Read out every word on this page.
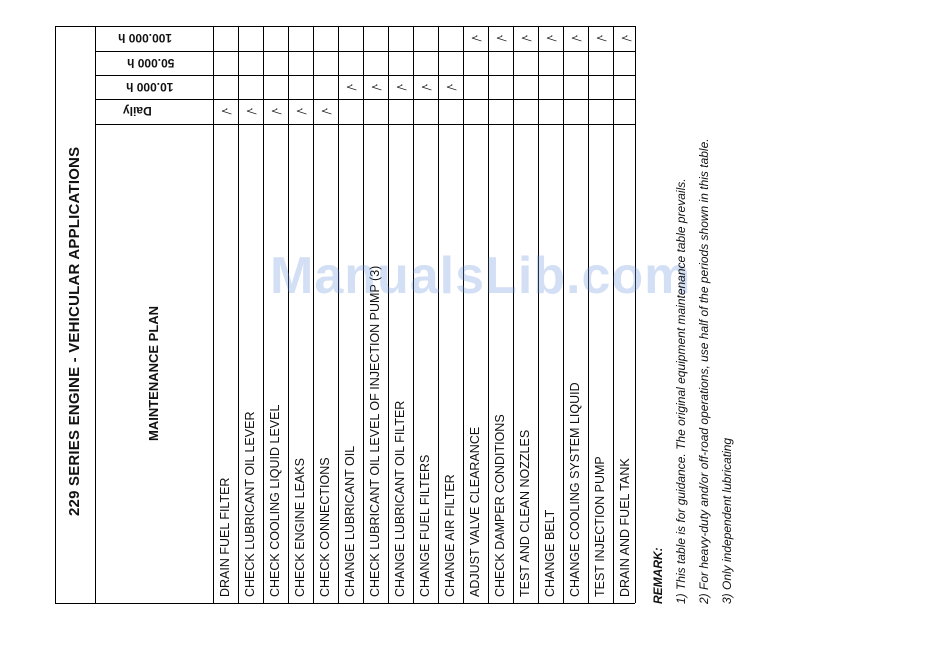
229 SERIES ENGINE - VEHICULAR APPLICATIONS	MAINTENANCE PLAN
Daily
10.000 h
50.000 h
100.000 h
DRAIN FUEL FILTER
√
CHECK LUBRICANT OIL LEVER
√
CHECK COOLING LIQUID LEVEL
√
CHECK ENGINE LEAKS
√
CHECK CONNECTIONS
√
CHANGE LUBRICANT OIL
√
CHECK LUBRICANT OIL LEVEL OF INJECTION PUMP (3)
√
CHANGE LUBRICANT OIL FILTER
√
CHANGE FUEL FILTERS
√
CHANGE AIR FILTER
√
ADJUST VALVE CLEARANCE
√
CHECK DAMPER CONDITIONS
√
TEST AND CLEAN NOZZLES
√
CHANGE BELT
√
CHANGE COOLING SYSTEM LIQUID
√
TEST INJECTION PUMP
√
DRAIN AND FUEL TANK
√
ManualsLib.com
REMARK: 1) This table is for guidance. The original equipment maintenance table prevails. 2) For heavy-duty and/or off-road operations, use half of the periods shown in this table. 3) Only independent lubricating
